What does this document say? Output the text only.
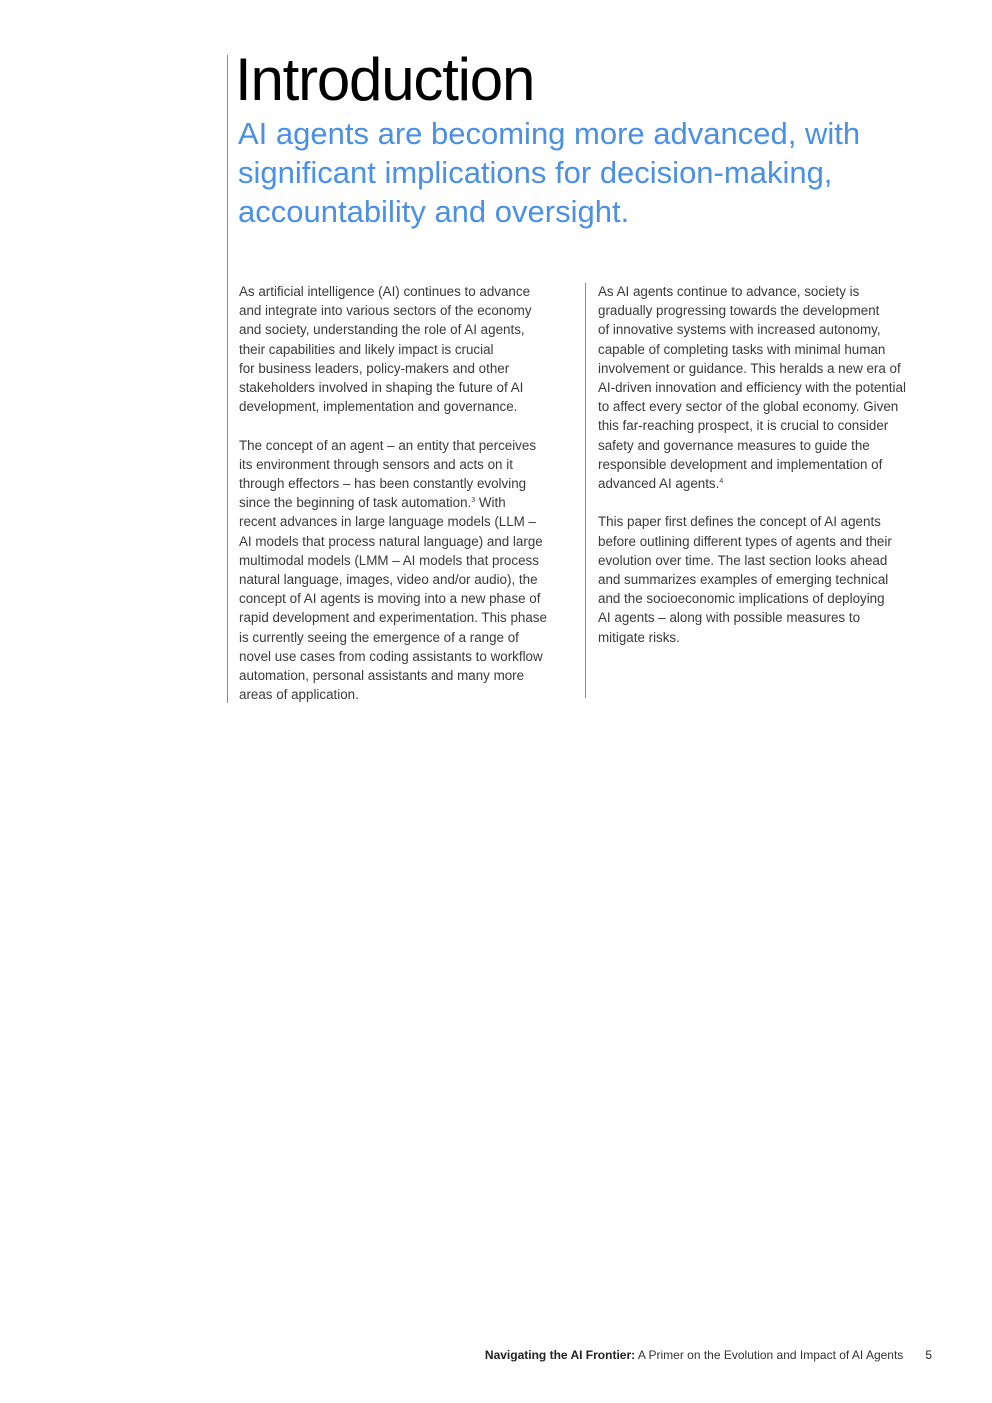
Introduction
AI agents are becoming more advanced, with significant implications for decision-making, accountability and oversight.

As artificial intelligence (AI) continues to advance
and integrate into various sectors of the economy
and society, understanding the role of AI agents,
their capabilities and likely impact is crucial
for business leaders, policy-makers and other
stakeholders involved in shaping the future of AI
development, implementation and governance.

The concept of an agent – an entity that perceives
its environment through sensors and acts on it
through effectors – has been constantly evolving
since the beginning of task automation.$^3$ With
recent advances in large language models (LLM –
AI models that process natural language) and large
multimodal models (LMM – AI models that process
natural language, images, video and/or audio), the
concept of AI agents is moving into a new phase of
rapid development and experimentation. This phase
is currently seeing the emergence of a range of
novel use cases from coding assistants to workflow
automation, personal assistants and many more
areas of application.

As AI agents continue to advance, society is
gradually progressing towards the development
of innovative systems with increased autonomy,
capable of completing tasks with minimal human
involvement or guidance. This heralds a new era of
AI-driven innovation and efficiency with the potential
to affect every sector of the global economy. Given
this far-reaching prospect, it is crucial to consider
safety and governance measures to guide the
responsible development and implementation of
advanced AI agents.$^4$

This paper first defines the concept of AI agents
before outlining different types of agents and their
evolution over time. The last section looks ahead
and summarizes examples of emerging technical
and the socioeconomic implications of deploying
AI agents – along with possible measures to
mitigate risks.

Navigating the AI Frontier: A Primer on the Evolution and Impact of AI Agents 5
